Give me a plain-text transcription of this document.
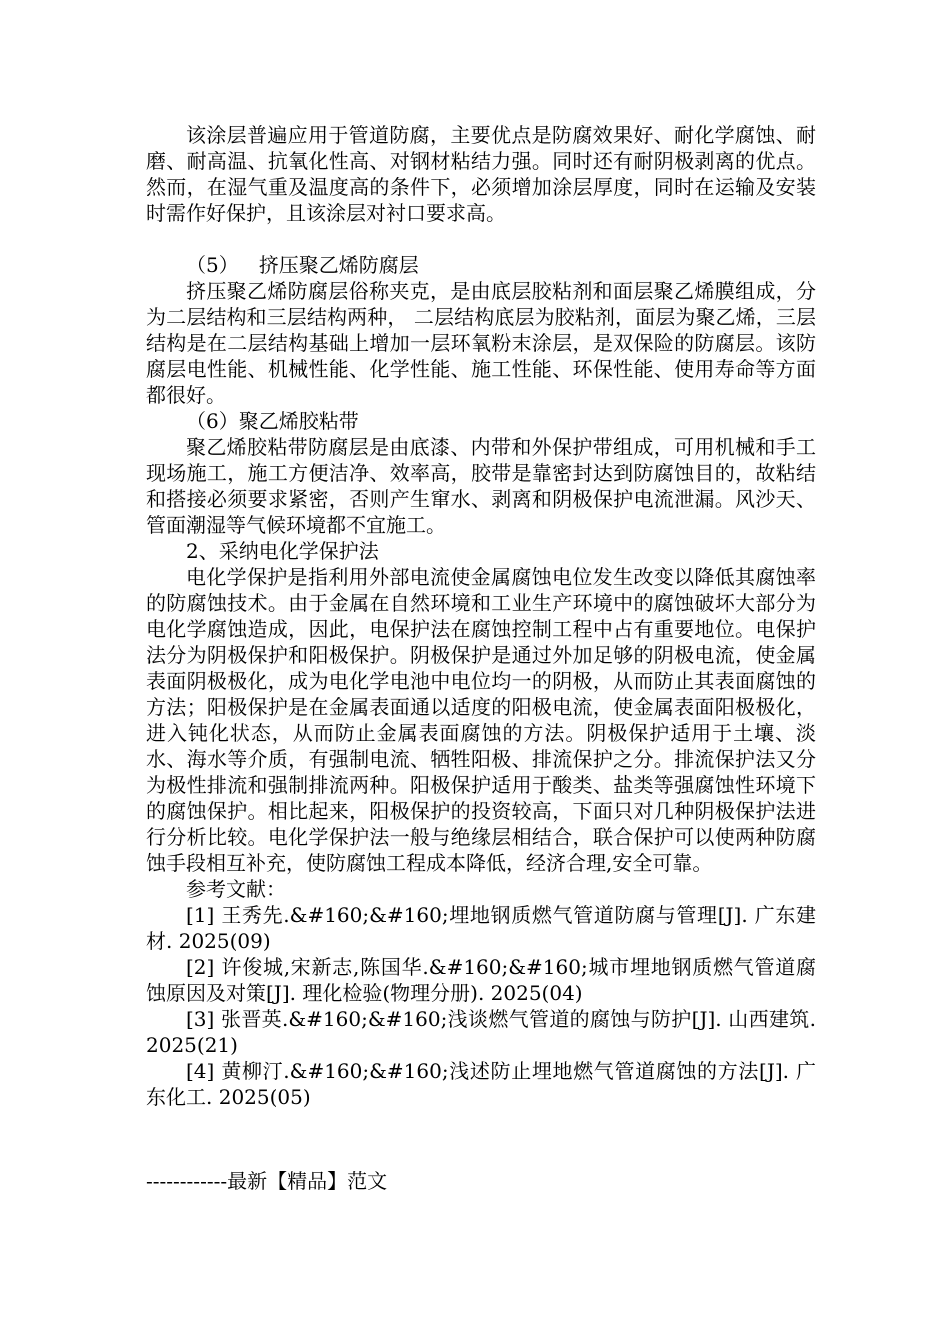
该涂层普遍应用于管道防腐，主要优点是防腐效果好、耐化学腐蚀、耐磨、耐高温、抗氧化性高、对钢材粘结力强。同时还有耐阴极剥离的优点。然而，在湿气重及温度高的条件下，必须增加涂层厚度，同时在运输及安装时需作好保护，且该涂层对衬口要求高。

（5） 挤压聚乙烯防腐层

挤压聚乙烯防腐层俗称夹克，是由底层胶粘剂和面层聚乙烯膜组成，分为二层结构和三层结构两种， 二层结构底层为胶粘剂，面层为聚乙烯，三层结构是在二层结构基础上增加一层环氧粉末涂层，是双保险的防腐层。该防腐层电性能、机械性能、化学性能、施工性能、环保性能、使用寿命等方面都很好。

（6）聚乙烯胶粘带

聚乙烯胶粘带防腐层是由底漆、内带和外保护带组成，可用机械和手工现场施工，施工方便洁净、效率高，胶带是靠密封达到防腐蚀目的，故粘结和搭接必须要求紧密，否则产生窜水、剥离和阴极保护电流泄漏。风沙天、管面潮湿等气候环境都不宜施工。

2、采纳电化学保护法

电化学保护是指利用外部电流使金属腐蚀电位发生改变以降低其腐蚀率的防腐蚀技术。由于金属在自然环境和工业生产环境中的腐蚀破坏大部分为电化学腐蚀造成，因此，电保护法在腐蚀控制工程中占有重要地位。电保护法分为阴极保护和阳极保护。阴极保护是通过外加足够的阴极电流，使金属表面阴极极化，成为电化学电池中电位均一的阴极，从而防止其表面腐蚀的方法；阳极保护是在金属表面通以适度的阳极电流，使金属表面阳极极化，进入钝化状态，从而防止金属表面腐蚀的方法。阴极保护适用于土壤、淡水、海水等介质，有强制电流、牺牲阳极、排流保护之分。排流保护法又分为极性排流和强制排流两种。阳极保护适用于酸类、盐类等强腐蚀性环境下的腐蚀保护。相比起来，阳极保护的投资较高，下面只对几种阴极保护法进行分析比较。电化学保护法一般与绝缘层相结合，联合保护可以使两种防腐蚀手段相互补充，使防腐蚀工程成本降低，经济合理,安全可靠。

参考文献：

[1] 王秀先.&#160;&#160;埋地钢质燃气管道防腐与管理[J]. 广东建材. 2025(09)

[2] 许俊城,宋新志,陈国华.&#160;&#160;城市埋地钢质燃气管道腐蚀原因及对策[J]. 理化检验(物理分册). 2025(04)

[3] 张晋英.&#160;&#160;浅谈燃气管道的腐蚀与防护[J]. 山西建筑. 2025(21)

[4] 黄柳汀.&#160;&#160;浅述防止埋地燃气管道腐蚀的方法[J]. 广东化工. 2025(05)

------------最新【精品】范文
